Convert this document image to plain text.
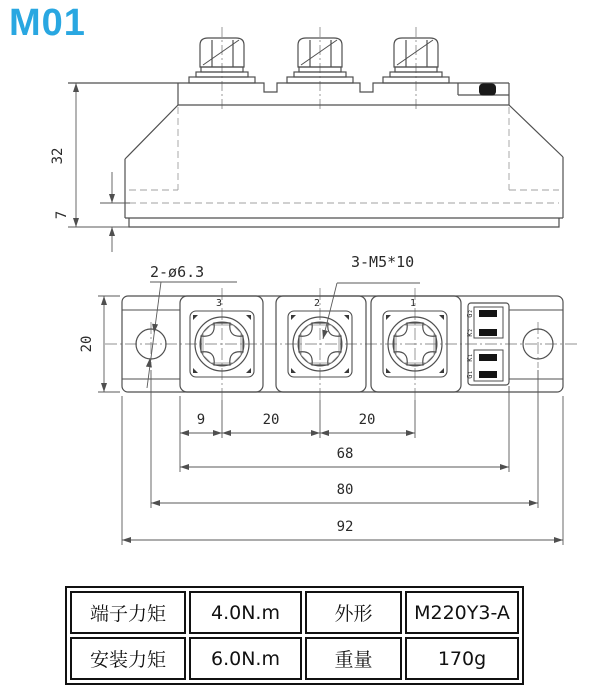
M01
32
7
3	2	1
G₂
K₂
K₁
G₁
2-ø6.3
3-M5*10
20
9	20	20
68
80
92
端子力矩	4.0N.m	外形	M220Y3-A
安装力矩	6.0N.m	重量	170g
